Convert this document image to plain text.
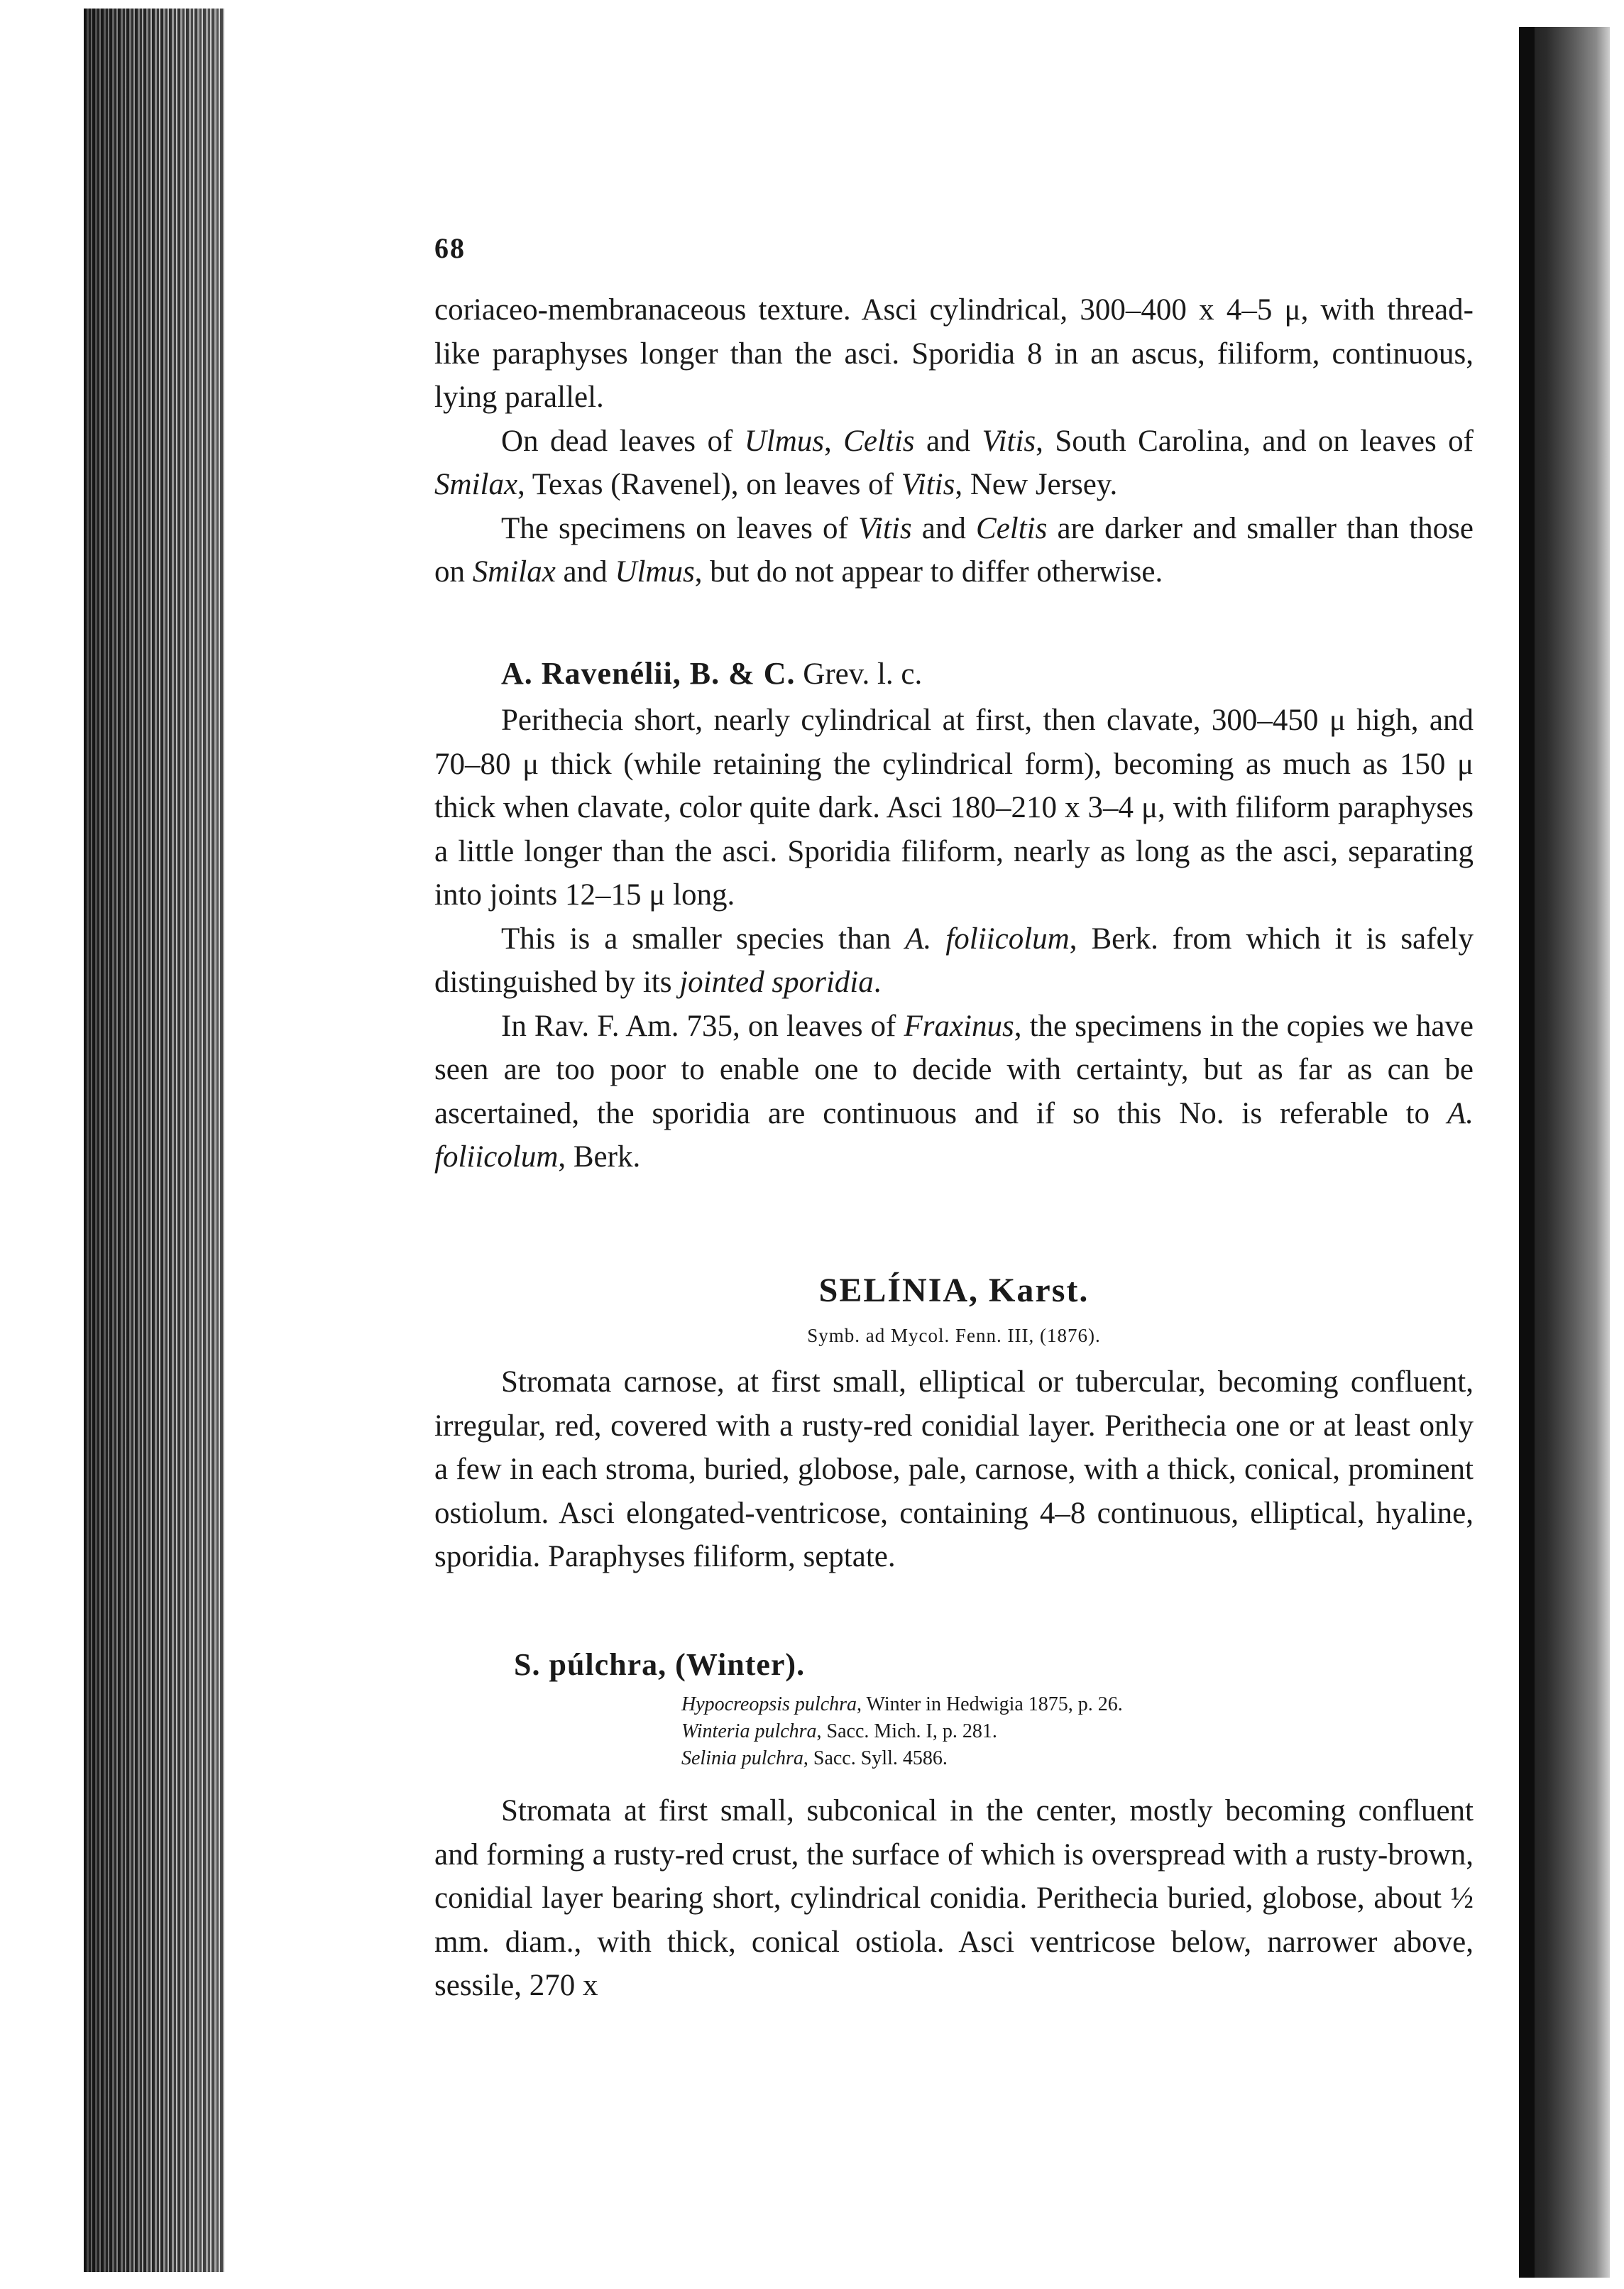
68

coriaceo-membranaceous texture. Asci cylindrical, 300–400 x 4–5 μ, with thread-like paraphyses longer than the asci. Sporidia 8 in an ascus, filiform, continuous, lying parallel.

On dead leaves of Ulmus, Celtis and Vitis, South Carolina, and on leaves of Smilax, Texas (Ravenel), on leaves of Vitis, New Jersey.

The specimens on leaves of Vitis and Celtis are darker and smaller than those on Smilax and Ulmus, but do not appear to differ otherwise.

A. Ravenélii, B. & C. Grev. l. c.

Perithecia short, nearly cylindrical at first, then clavate, 300–450 μ high, and 70–80 μ thick (while retaining the cylindrical form), becoming as much as 150 μ thick when clavate, color quite dark. Asci 180–210 x 3–4 μ, with filiform paraphyses a little longer than the asci. Sporidia filiform, nearly as long as the asci, separating into joints 12–15 μ long.

This is a smaller species than A. foliicolum, Berk. from which it is safely distinguished by its jointed sporidia.

In Rav. F. Am. 735, on leaves of Fraxinus, the specimens in the copies we have seen are too poor to enable one to decide with certainty, but as far as can be ascertained, the sporidia are continuous and if so this No. is referable to A. foliicolum, Berk.

SELÍNIA, Karst.
Symb. ad Mycol. Fenn. III, (1876).

Stromata carnose, at first small, elliptical or tubercular, becoming confluent, irregular, red, covered with a rusty-red conidial layer. Perithecia one or at least only a few in each stroma, buried, globose, pale, carnose, with a thick, conical, prominent ostiolum. Asci elongated-ventricose, containing 4–8 continuous, elliptical, hyaline, sporidia. Paraphyses filiform, septate.

S. púlchra, (Winter).

Hypocreopsis pulchra, Winter in Hedwigia 1875, p. 26.
Winteria pulchra, Sacc. Mich. I, p. 281.
Selinia pulchra, Sacc. Syll. 4586.

Stromata at first small, subconical in the center, mostly becoming confluent and forming a rusty-red crust, the surface of which is overspread with a rusty-brown, conidial layer bearing short, cylindrical conidia. Perithecia buried, globose, about ½ mm. diam., with thick, conical ostiola. Asci ventricose below, narrower above, sessile, 270 x
